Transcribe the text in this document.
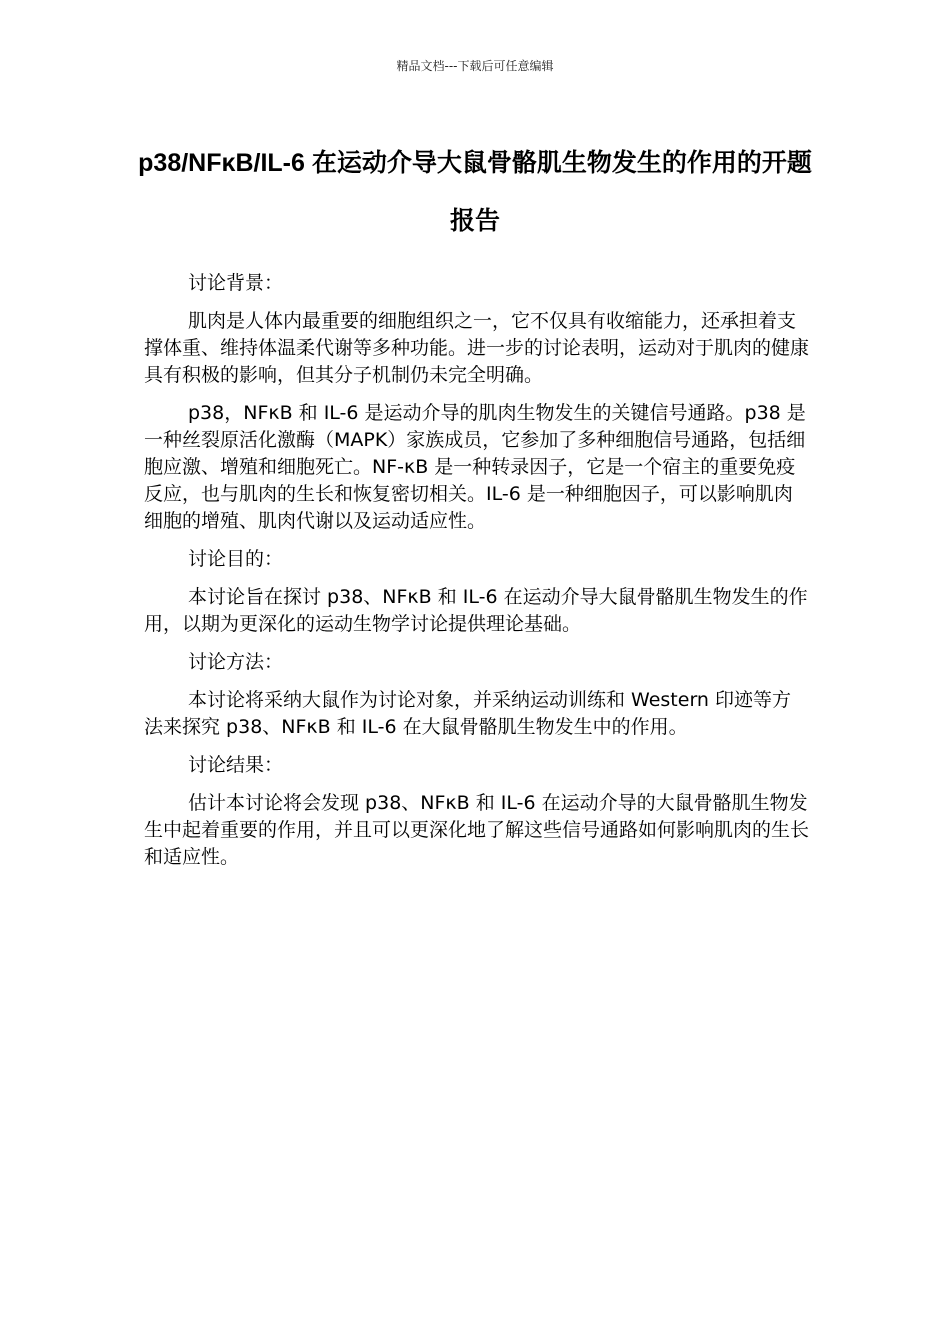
精品文档---下载后可任意编辑
p38/NFκB/IL-6 在运动介导大鼠骨骼肌生物发生的作用的开题报告

讨论背景：

肌肉是人体内最重要的细胞组织之一，它不仅具有收缩能力，还承担着支撑体重、维持体温柔代谢等多种功能。进一步的讨论表明，运动对于肌肉的健康具有积极的影响，但其分子机制仍未完全明确。

p38，NFκB 和 IL-6 是运动介导的肌肉生物发生的关键信号通路。p38 是一种丝裂原活化激酶（MAPK）家族成员，它参加了多种细胞信号通路，包括细胞应激、增殖和细胞死亡。NF-κB 是一种转录因子，它是一个宿主的重要免疫反应，也与肌肉的生长和恢复密切相关。IL-6 是一种细胞因子，可以影响肌肉细胞的增殖、肌肉代谢以及运动适应性。

讨论目的：

本讨论旨在探讨 p38、NFκB 和 IL-6 在运动介导大鼠骨骼肌生物发生的作用，以期为更深化的运动生物学讨论提供理论基础。

讨论方法：

本讨论将采纳大鼠作为讨论对象，并采纳运动训练和 Western 印迹等方法来探究 p38、NFκB 和 IL-6 在大鼠骨骼肌生物发生中的作用。

讨论结果：

估计本讨论将会发现 p38、NFκB 和 IL-6 在运动介导的大鼠骨骼肌生物发生中起着重要的作用，并且可以更深化地了解这些信号通路如何影响肌肉的生长和适应性。
